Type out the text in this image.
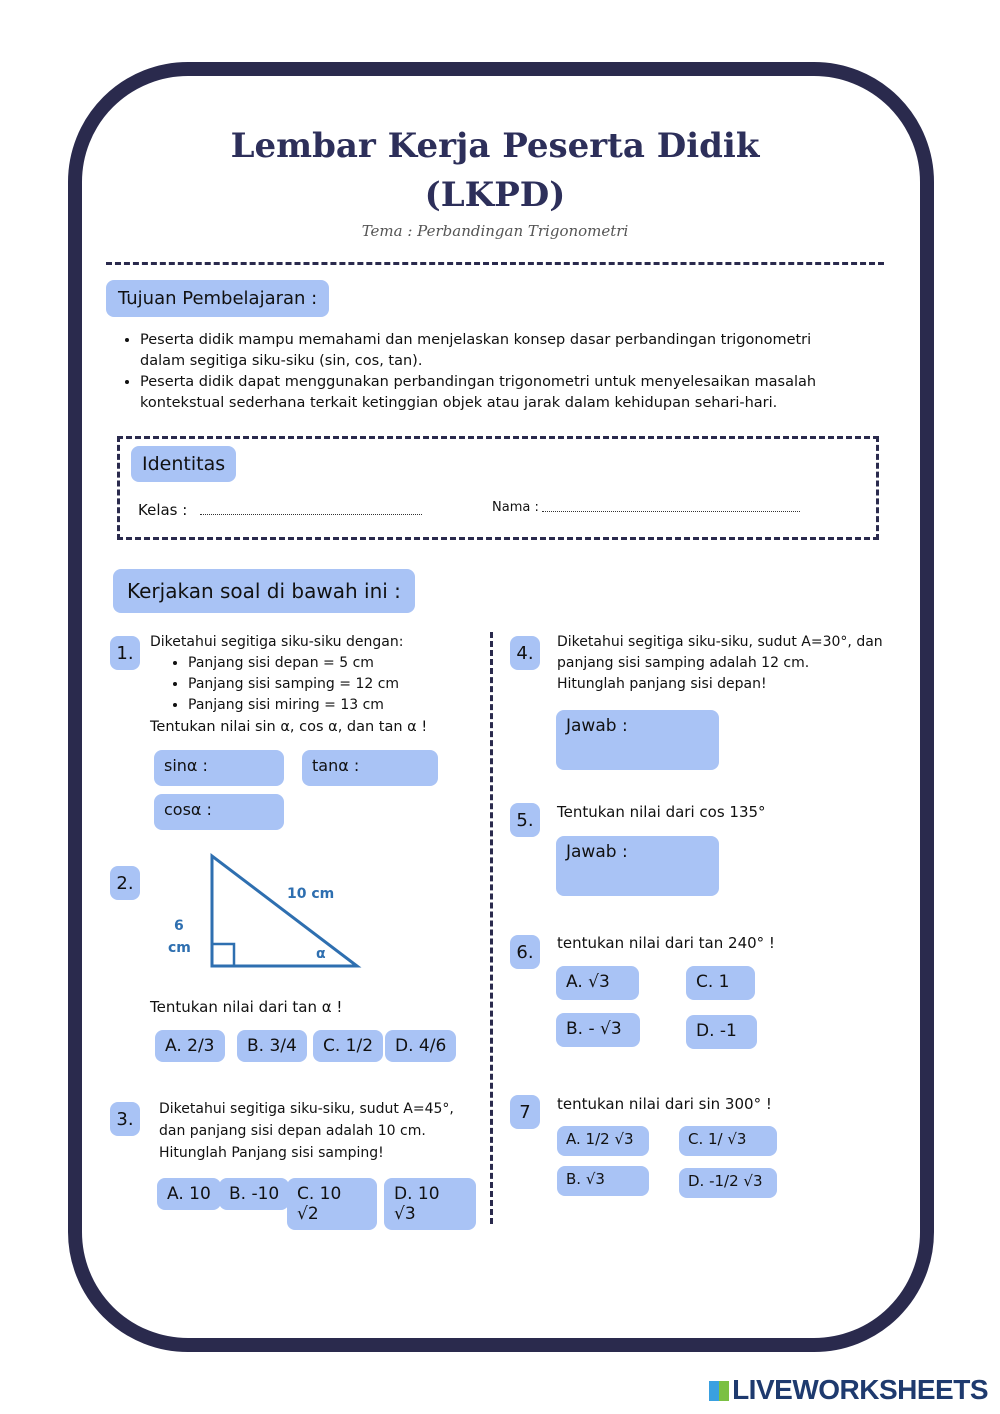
Lembar Kerja Peserta Didik
(LKPD)
Tema : Perbandingan Trigonometri
Tujuan Pembelajaran :
• Peserta didik mampu memahami dan menjelaskan konsep dasar perbandingan trigonometri dalam segitiga siku-siku (sin, cos, tan).
• Peserta didik dapat menggunakan perbandingan trigonometri untuk menyelesaikan masalah kontekstual sederhana terkait ketinggian objek atau jarak dalam kehidupan sehari-hari.
Identitas
Kelas :	Nama :
Kerjakan soal di bawah ini :
1.
Diketahui segitiga siku-siku dengan:
• Panjang sisi depan = 5 cm
• Panjang sisi samping = 12 cm
• Panjang sisi miring = 13 cm
Tentukan nilai sin α, cos α, dan tan α !
sinα :	tanα :
cosα :
2.
10 cm
6
cm	α
Tentukan nilai dari tan α !
A. 2/3	B. 3/4	C. 1/2	D. 4/6
3.	Diketahui segitiga siku-siku, sudut A=45°,
dan panjang sisi depan adalah 10 cm.
Hitunglah Panjang sisi samping!
A. 10	B. -10	C. 10 √2
D. 10 √3
4.
Diketahui segitiga siku-siku, sudut A=30°, dan
panjang sisi samping adalah 12 cm.
Hitunglah panjang sisi depan!
Jawab :
5.	Tentukan nilai dari cos 135°
Jawab :
6.	tentukan nilai dari tan 240° !
A. √3	C. 1
B. - √3	D. -1
7	tentukan nilai dari sin 300° !
A. 1/2 √3	C. 1/ √3
B. √3	D. -1/2 √3
LIVEWORKSHEETS
